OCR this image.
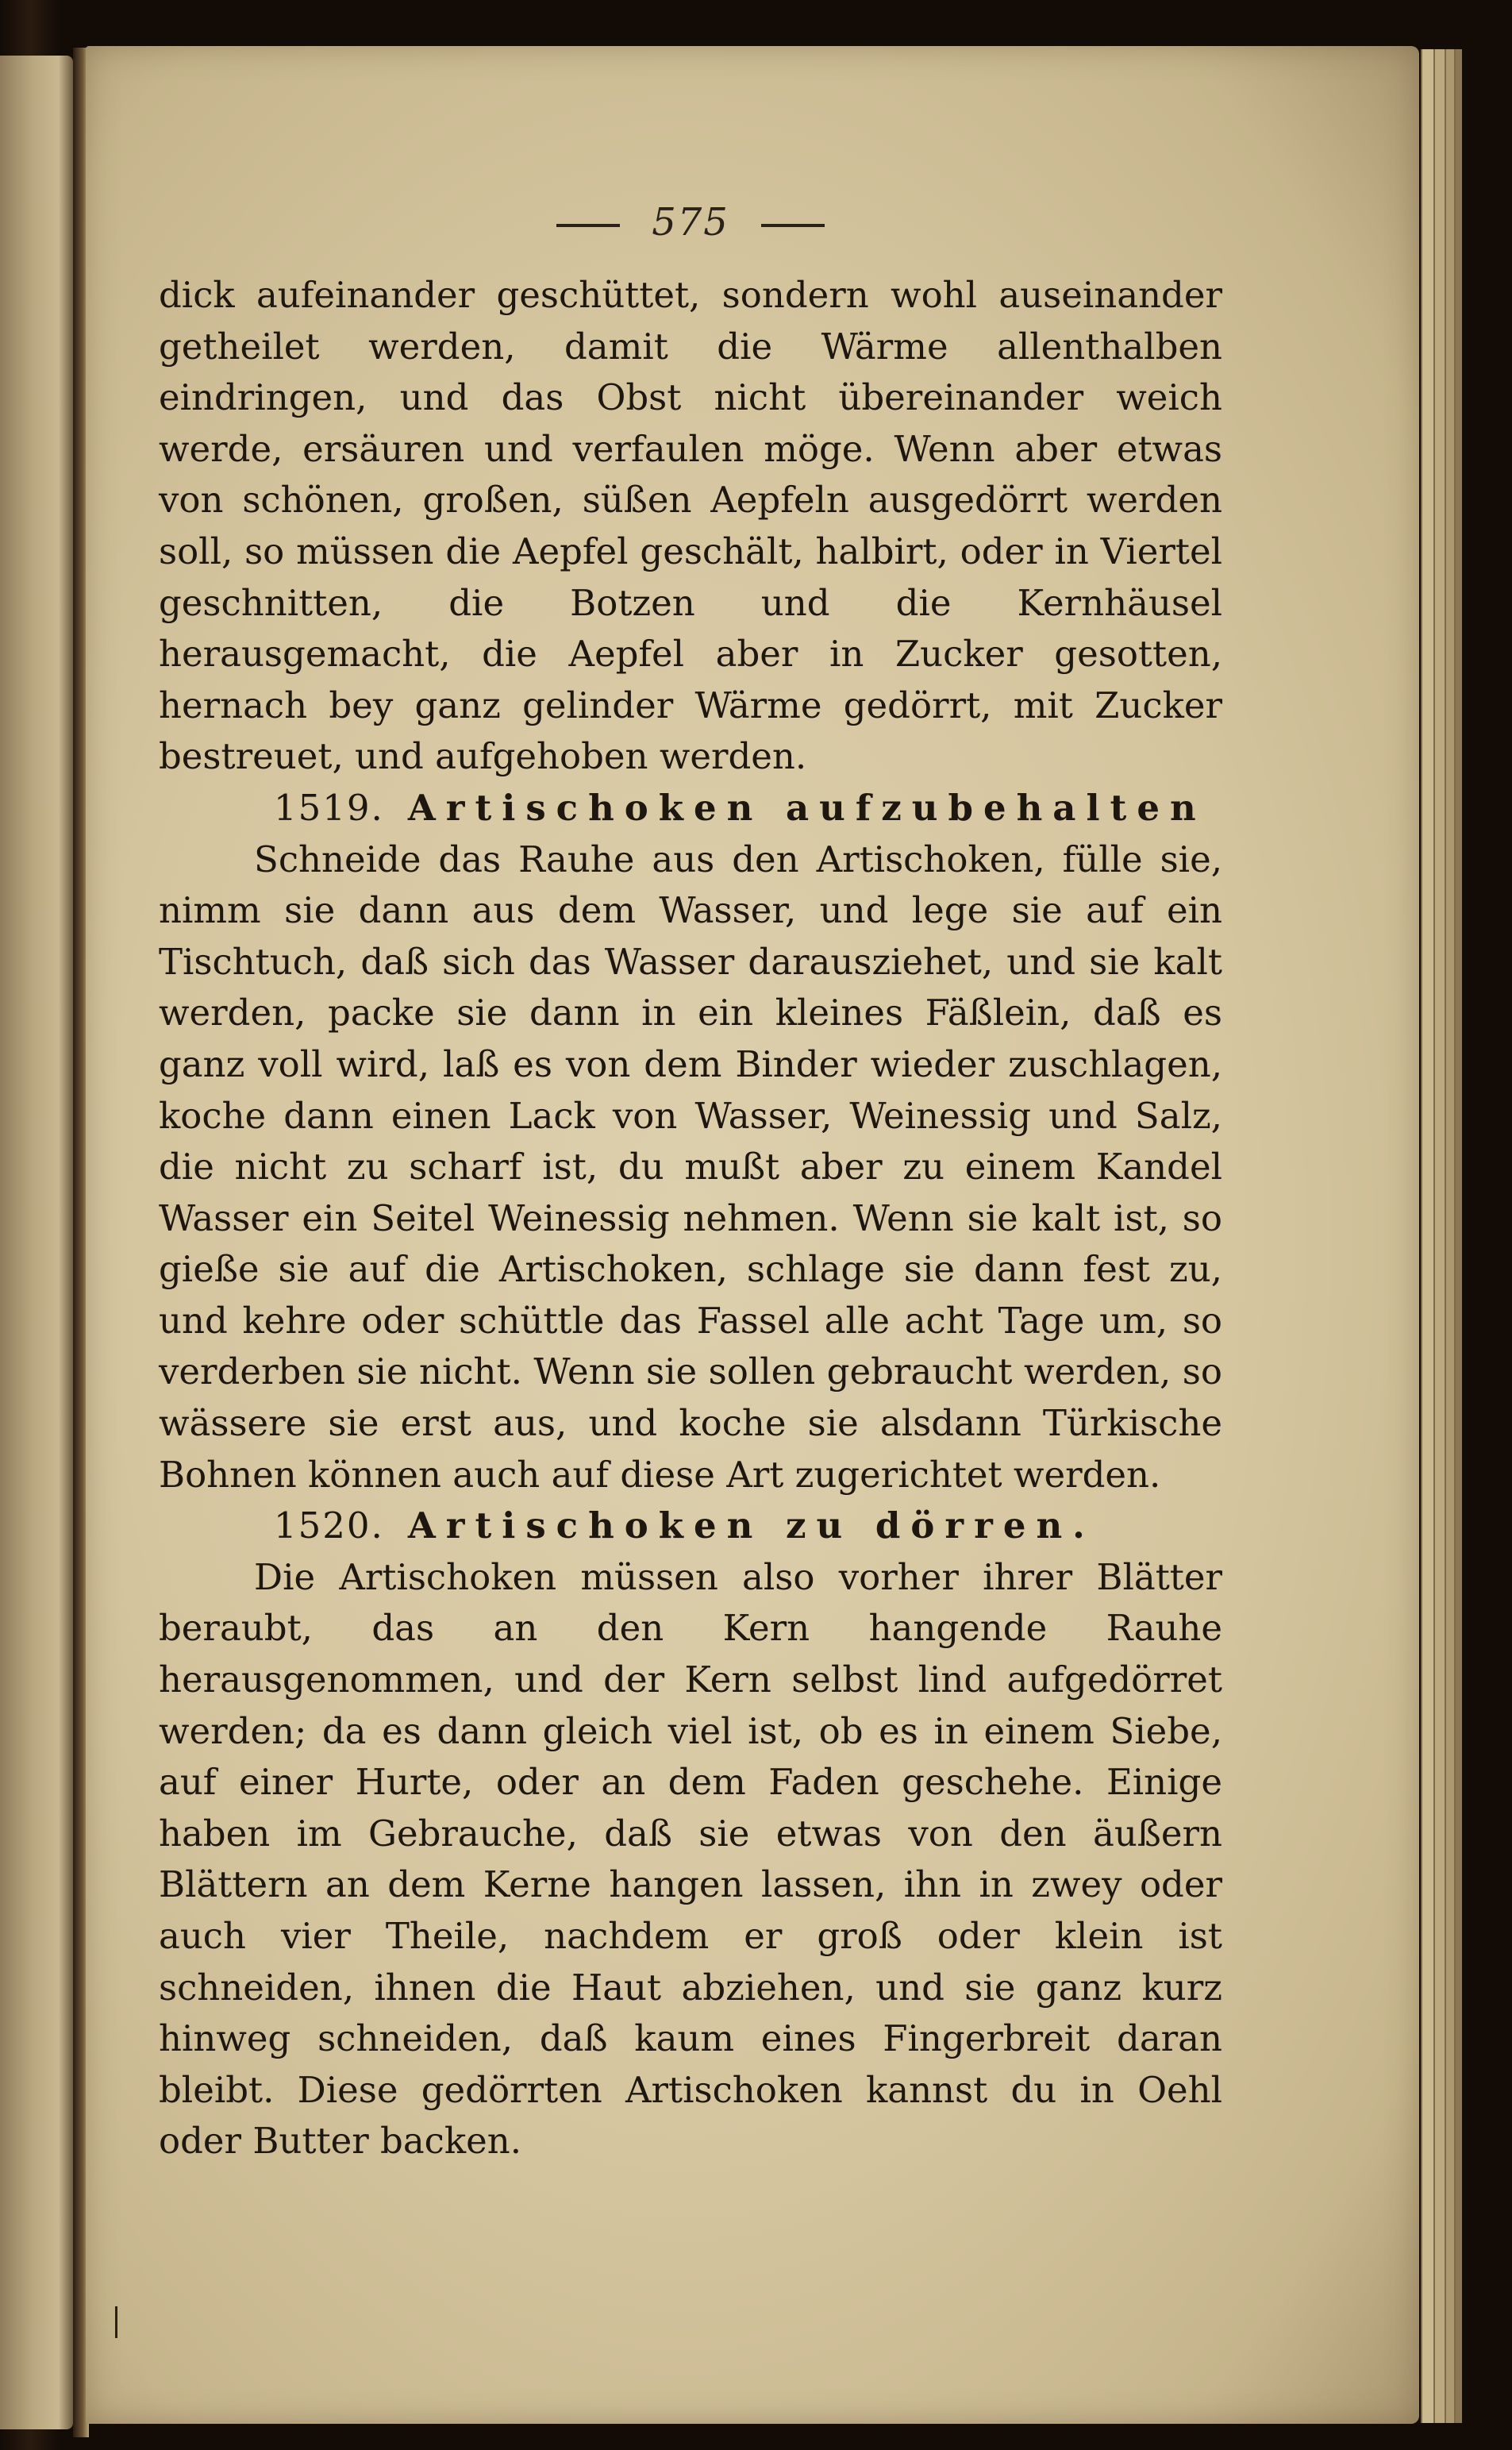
575

dick aufeinander geschüttet, sondern wohl auseinander getheilet werden, damit die Wärme allenthalben eindringen, und das Obst nicht übereinander weich werde, ersäuren und verfaulen möge. Wenn aber etwas von schönen, großen, süßen Aepfeln ausgedörrt werden soll, so müssen die Aepfel geschält, halbirt, oder in Viertel geschnitten, die Botzen und die Kernhäusel herausgemacht, die Aepfel aber in Zucker gesotten, hernach bey ganz gelinder Wärme gedörrt, mit Zucker bestreuet, und aufgehoben werden.

1519. Artischoken aufzubehalten

Schneide das Rauhe aus den Artischoken, fülle sie, nimm sie dann aus dem Wasser, und lege sie auf ein Tischtuch, daß sich das Wasser darausziehet, und sie kalt werden, packe sie dann in ein kleines Fäßlein, daß es ganz voll wird, laß es von dem Binder wieder zuschlagen, koche dann einen Lack von Wasser, Weinessig und Salz, die nicht zu scharf ist, du mußt aber zu einem Kandel Wasser ein Seitel Weinessig nehmen. Wenn sie kalt ist, so gieße sie auf die Artischoken, schlage sie dann fest zu, und kehre oder schüttle das Fassel alle acht Tage um, so verderben sie nicht. Wenn sie sollen gebraucht werden, so wässere sie erst aus, und koche sie alsdann Türkische Bohnen können auch auf diese Art zugerichtet werden.

1520. Artischoken zu dörren.

Die Artischoken müssen also vorher ihrer Blätter beraubt, das an den Kern hangende Rauhe herausgenommen, und der Kern selbst lind aufgedörret werden; da es dann gleich viel ist, ob es in einem Siebe, auf einer Hurte, oder an dem Faden geschehe. Einige haben im Gebrauche, daß sie etwas von den äußern Blättern an dem Kerne hangen lassen, ihn in zwey oder auch vier Theile, nachdem er groß oder klein ist schneiden, ihnen die Haut abziehen, und sie ganz kurz hinweg schneiden, daß kaum eines Fingerbreit daran bleibt. Diese gedörrten Artischoken kannst du in Oehl oder Butter backen.
